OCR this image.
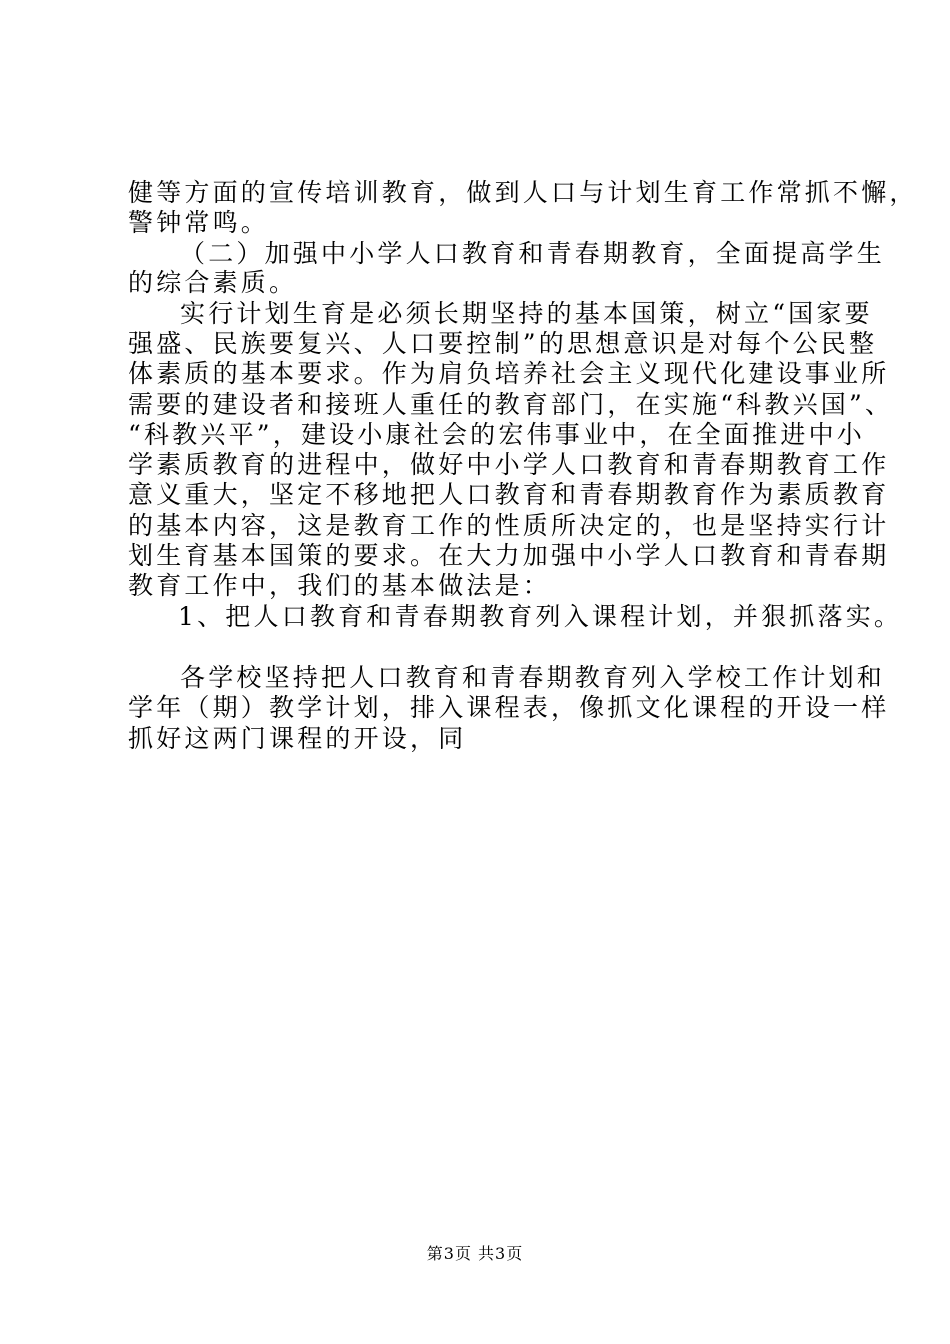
健等方面的宣传培训教育，做到人口与计划生育工作常抓不懈，
警钟常鸣。
（二）加强中小学人口教育和青春期教育，全面提高学生
的综合素质。
实行计划生育是必须长期坚持的基本国策，树立“国家要
强盛、民族要复兴、人口要控制”的思想意识是对每个公民整
体素质的基本要求。作为肩负培养社会主义现代化建设事业所
需要的建设者和接班人重任的教育部门，在实施“科教兴国”、
“科教兴平”，建设小康社会的宏伟事业中，在全面推进中小
学素质教育的进程中，做好中小学人口教育和青春期教育工作
意义重大，坚定不移地把人口教育和青春期教育作为素质教育
的基本内容，这是教育工作的性质所决定的，也是坚持实行计
划生育基本国策的要求。在大力加强中小学人口教育和青春期
教育工作中，我们的基本做法是：
1、把人口教育和青春期教育列入课程计划，并狠抓落实。
各学校坚持把人口教育和青春期教育列入学校工作计划和
学年（期）教学计划，排入课程表，像抓文化课程的开设一样
抓好这两门课程的开设，同
第3页 共3页
